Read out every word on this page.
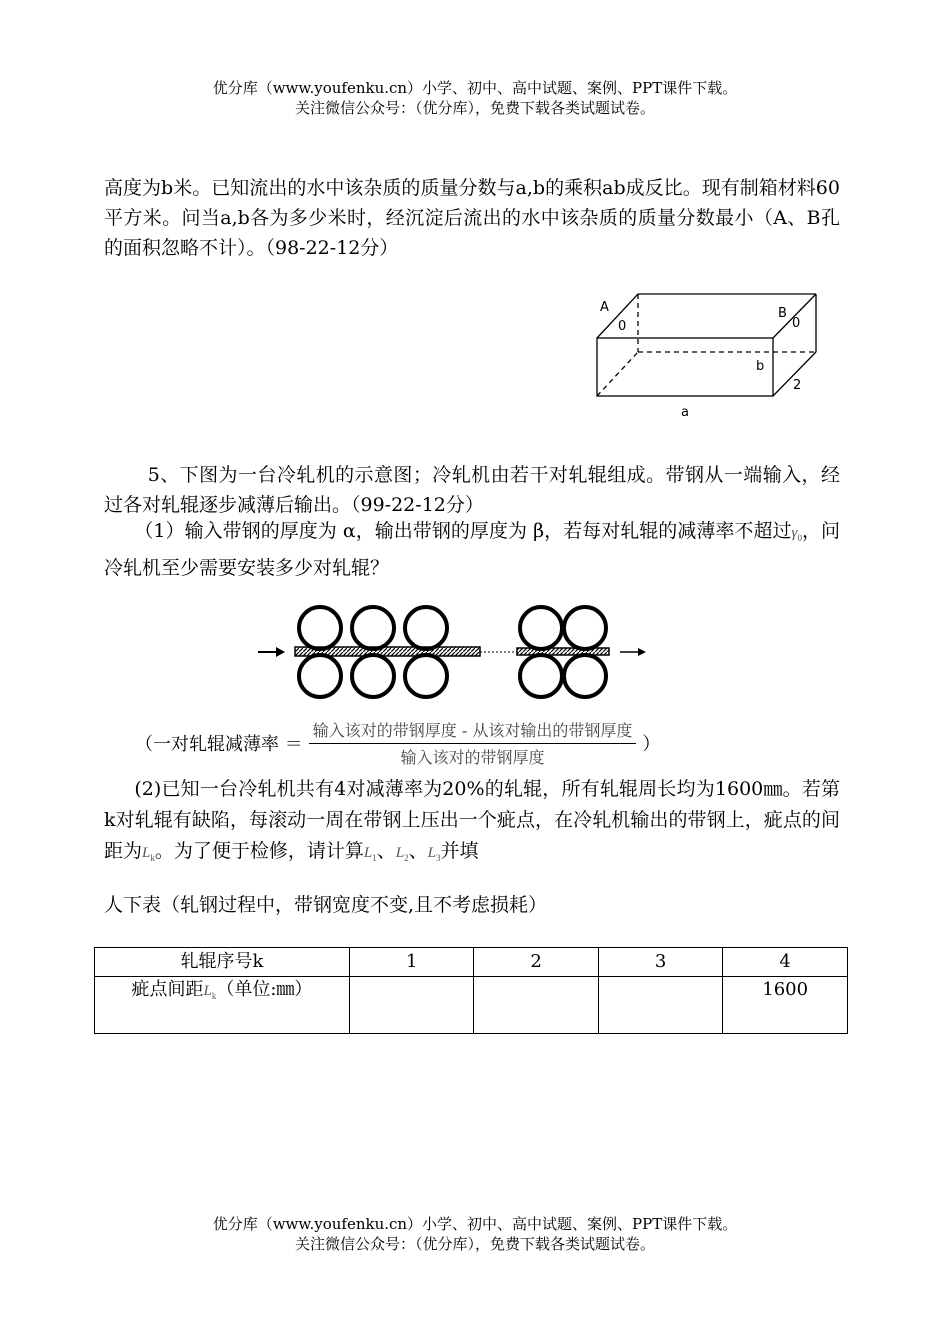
优分库（www.youfenku.cn）小学、初中、高中试题、案例、PPT课件下载。
关注微信公众号：（优分库），免费下载各类试题试卷。
高度为b米。已知流出的水中该杂质的质量分数与a,b的乘积ab成反比。现有制箱材料60平方米。问当a,b各为多少米时，经沉淀后流出的水中该杂质的质量分数最小（A、B孔的面积忽略不计）。（98-22-12分）
A
0
B
0
b
2
a
5、下图为一台冷轧机的示意图；冷轧机由若干对轧辊组成。带钢从一端输入，经过各对轧辊逐步减薄后输出。（99-22-12分）
（1）输入带钢的厚度为 α，输出带钢的厚度为 β，若每对轧辊的减薄率不超过$\gamma_0$，问冷轧机至少需要安装多少对轧辊？
（一对轧辊减薄率 ＝ $\frac{\text{输入该对的带钢厚度 - 从该对输出的带钢厚度}}{\text{输入该对的带钢厚度}}$ ）
(2)已知一台冷轧机共有4对减薄率为20%的轧辊，所有轧辊周长均为1600㎜。若第k对轧辊有缺陷，每滚动一周在带钢上压出一个疵点，在冷轧机输出的带钢上，疵点的间距为$L_k$。为了便于检修，请计算$L_1$、$L_2$、$L_3$并填
人下表（轧钢过程中，带钢宽度不变,且不考虑损耗）
轧辊序号k	1	2	3	4
疵点间距$L_k$（单位:㎜）				1600
优分库（www.youfenku.cn）小学、初中、高中试题、案例、PPT课件下载。
关注微信公众号：（优分库），免费下载各类试题试卷。
